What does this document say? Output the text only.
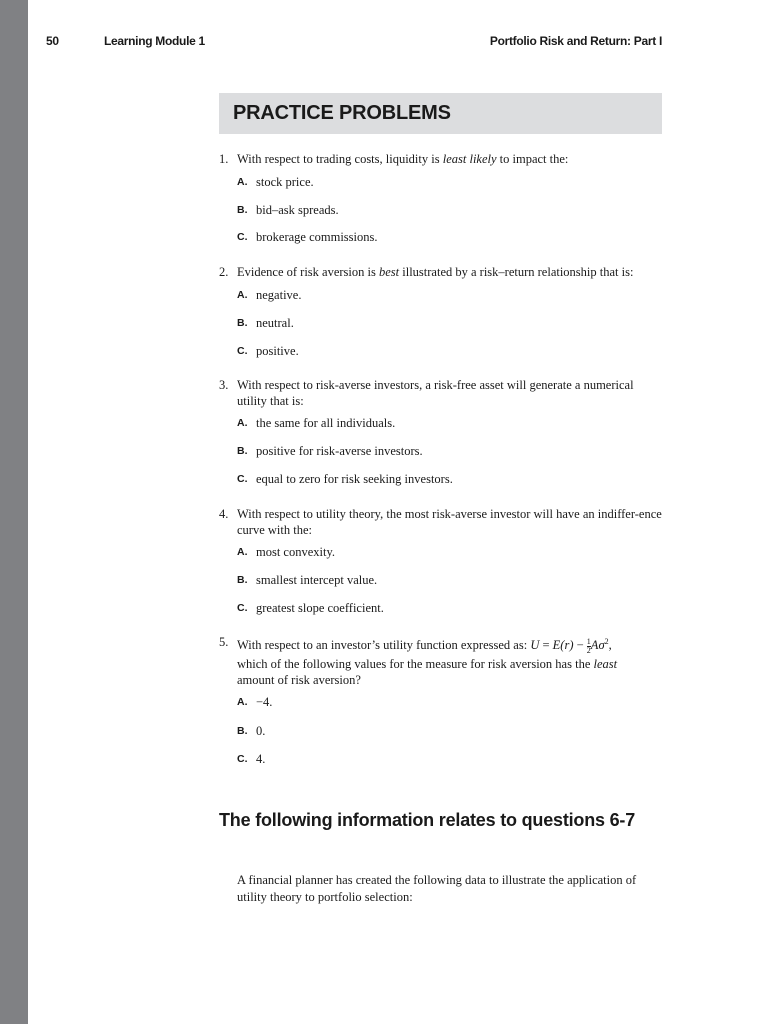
50	Learning Module 1	Portfolio Risk and Return: Part I
PRACTICE PROBLEMS
1. With respect to trading costs, liquidity is least likely to impact the:
A. stock price.
B. bid–ask spreads.
C. brokerage commissions.
2. Evidence of risk aversion is best illustrated by a risk–return relationship that is:
A. negative.
B. neutral.
C. positive.
3. With respect to risk-averse investors, a risk-free asset will generate a numerical utility that is:
A. the same for all individuals.
B. positive for risk-averse investors.
C. equal to zero for risk seeking investors.
4. With respect to utility theory, the most risk-averse investor will have an indiffer-ence curve with the:
A. most convexity.
B. smallest intercept value.
C. greatest slope coefficient.
5. With respect to an investor’s utility function expressed as: $U = E(r) - \frac{1}{2} A\sigma^2$,
which of the following values for the measure for risk aversion has the least
amount of risk aversion?
A. −4.
B. 0.
C. 4.
The following information relates to questions 6-7
A financial planner has created the following data to illustrate the application of utility theory to portfolio selection:
